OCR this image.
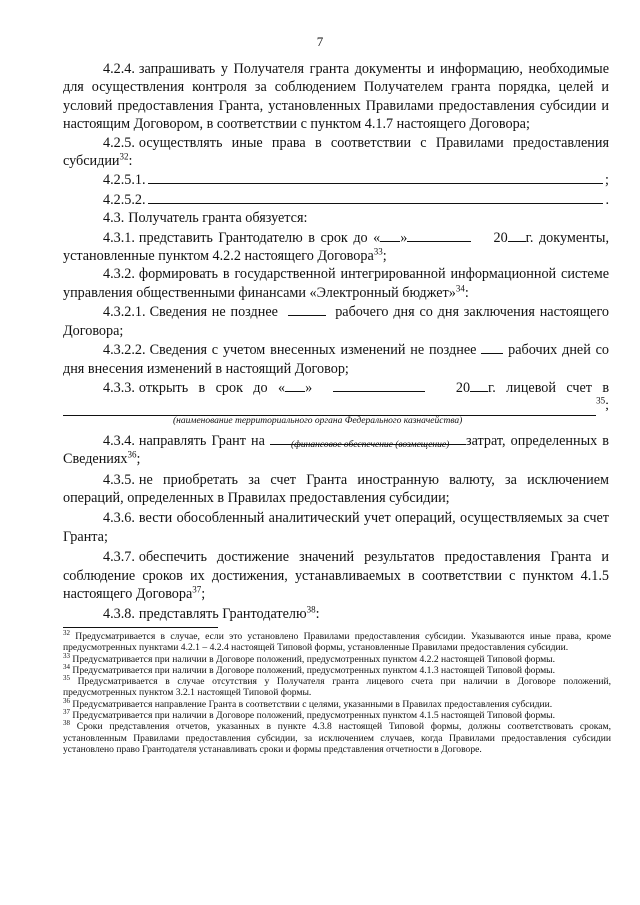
7

4.2.4. запрашивать у Получателя гранта документы и информацию, необходимые для осуществления контроля за соблюдением Получателем гранта порядка, целей и условий предоставления Гранта, установленных Правилами предоставления субсидии и настоящим Договором, в соответствии с пунктом 4.1.7 настоящего Договора;

4.2.5. осуществлять иные права в соответствии с Правилами предоставления субсидии$^{32}$:

4.2.5.1.	;
4.2.5.2.	.

4.3. Получатель гранта обязуется:

4.3.1. представить Грантодателю в срок до « »	20 г. документы, установленные пунктом 4.2.2 настоящего Договора$^{33}$;

4.3.2. формировать в государственной интегрированной информационной системе управления общественными финансами «Электронный бюджет»$^{34}$:

4.3.2.1. Сведения не позднее	рабочего дня со дня заключения настоящего Договора;

4.3.2.2. Сведения с учетом внесенных изменений не позднее рабочих дней со дня внесения изменений в настоящий Договор;

4.3.3. открыть в срок до « »	20 г. лицевой счет в

$^{35}$;
(наименование территориального органа Федерального казначейства)

4.3.4. направлять Грант на	затрат, определенных в Сведениях$^{36}$;

(финансовое обеспечение (возмещение)

4.3.5. не приобретать за счет Гранта иностранную валюту, за исключением операций, определенных в Правилах предоставления субсидии;

4.3.6. вести обособленный аналитический учет операций, осуществляемых за счет Гранта;

4.3.7. обеспечить достижение значений результатов предоставления Гранта и соблюдение сроков их достижения, устанавливаемых в соответствии с пунктом 4.1.5 настоящего Договора$^{37}$;

4.3.8. представлять Грантодателю$^{38}$:

$^{32}$ Предусматривается в случае, если это установлено Правилами предоставления субсидии. Указываются иные права, кроме предусмотренных пунктами 4.2.1 – 4.2.4 настоящей Типовой формы, установленные Правилами предоставления субсидии.

$^{33}$ Предусматривается при наличии в Договоре положений, предусмотренных пунктом 4.2.2 настоящей Типовой формы.

$^{34}$ Предусматривается при наличии в Договоре положений, предусмотренных пунктом 4.1.3 настоящей Типовой формы.

$^{35}$ Предусматривается в случае отсутствия у Получателя гранта лицевого счета при наличии в Договоре положений, предусмотренных пунктом 3.2.1 настоящей Типовой формы.

$^{36}$ Предусматривается направление Гранта в соответствии с целями, указанными в Правилах предоставления субсидии.

$^{37}$ Предусматривается при наличии в Договоре положений, предусмотренных пунктом 4.1.5 настоящей Типовой формы.

$^{38}$ Сроки представления отчетов, указанных в пункте 4.3.8 настоящей Типовой формы, должны соответствовать срокам, установленным Правилами предоставления субсидии, за исключением случаев, когда Правилами предоставления субсидии установлено право Грантодателя устанавливать сроки и формы представления отчетности в Договоре.
